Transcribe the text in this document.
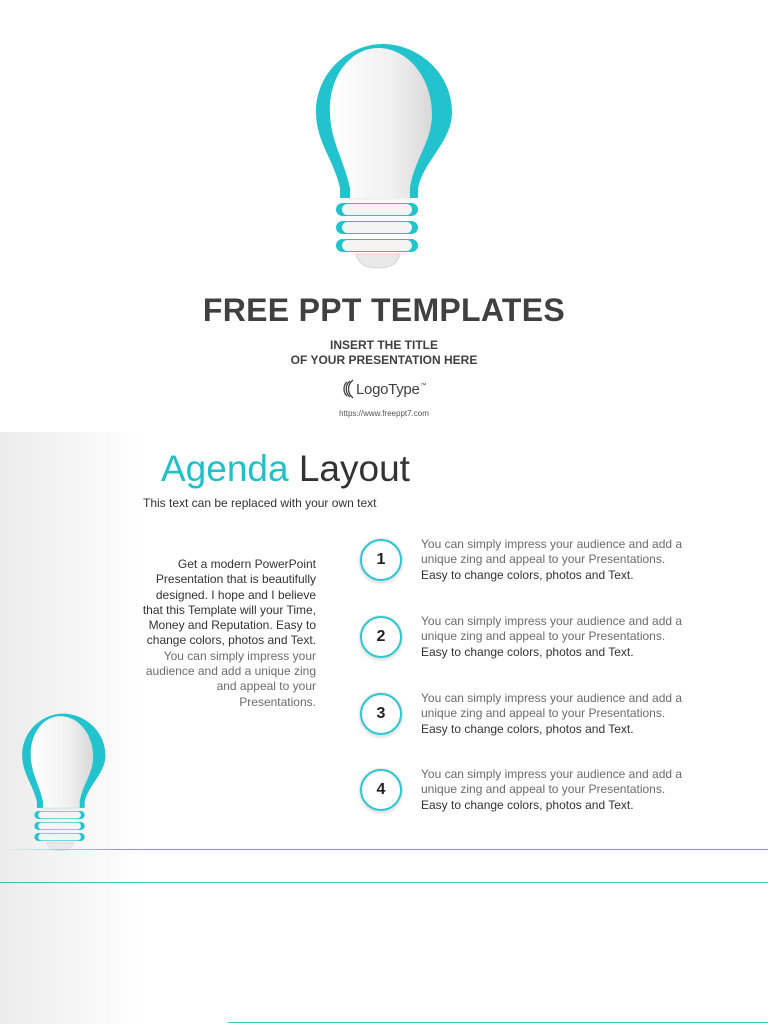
FREE PPT TEMPLATES
INSERT THE TITLE
OF YOUR PRESENTATION HERE
Logo Type ™
https://www.freeppt7.com
Agenda Layout
This text can be replaced with your own text
Get a modern PowerPoint Presentation that is beautifully designed. I hope and I believe that this Template will your Time, Money and Reputation. Easy to change colors, photos and Text. You can simply impress your audience and add a unique zing and appeal to your Presentations.
1
You can simply impress your audience and add a unique zing and appeal to your Presentations.
Easy to change colors, photos and Text.
2
You can simply impress your audience and add a unique zing and appeal to your Presentations.
Easy to change colors, photos and Text.
3
You can simply impress your audience and add a unique zing and appeal to your Presentations.
Easy to change colors, photos and Text.
4
You can simply impress your audience and add a unique zing and appeal to your Presentations.
Easy to change colors, photos and Text.
